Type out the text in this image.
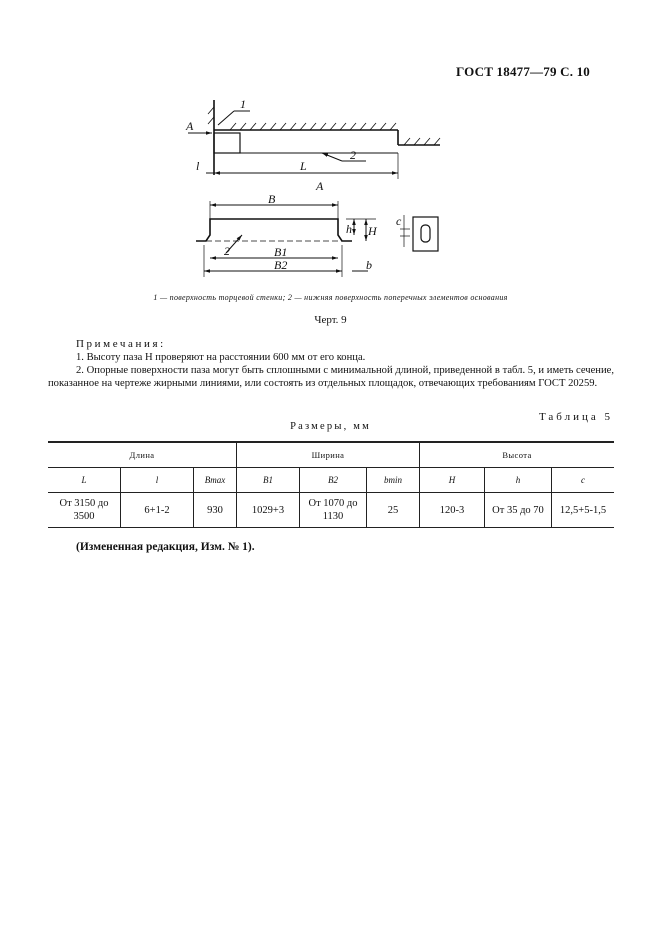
ГОСТ 18477—79 С. 10
1
2
A
l	L
A
B
2	B1
B2
h H
b
c
1 — поверхность торцевой стенки; 2 — нижняя поверхность поперечных элементов основания
Черт. 9
Примечания:
1. Высоту паза Н проверяют на расстоянии 600 мм от его конца.
2. Опорные поверхности паза могут быть сплошными с минимальной длиной, приведенной в табл. 5, и иметь сечение, показанное на чертеже жирными линиями, или состоять из отдельных площадок, отвечающих требованиям ГОСТ 20259.
Таблица 5
Размеры, мм
Длина			Ширина			Высота		
L	l	Bmax	B1	B2	bmin	H	h	c
От 3150 до 3500	6+1-2	930	1029+3	От 1070 до 1130	25	120-3	От 35 до 70	12,5+5-1,5
(Измененная редакция, Изм. № 1).
